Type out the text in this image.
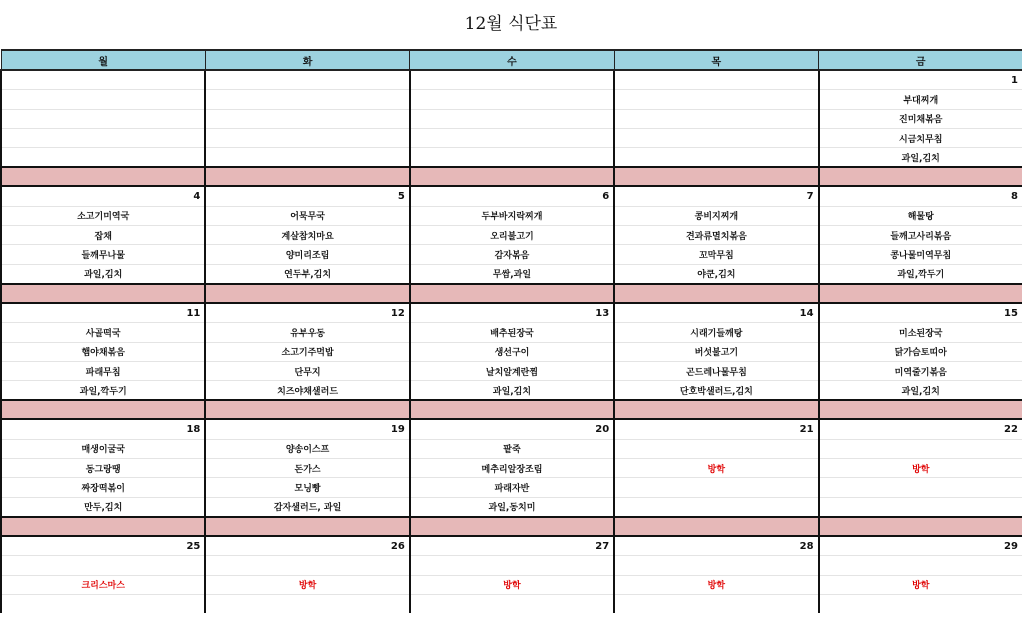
12월 식단표
월	화	수	목	금
				1
				부대찌개
				진미채볶음
				시금치무침
				과일,김치

4	5	6	7	8
소고기미역국	어묵무국	두부바지락찌개	콩비지찌개	해물탕
잡채	계살참치마요	오리불고기	견과류멸치볶음	들깨고사리볶음
들깨무나물	양미리조림	감자볶음	꼬막무침	콩나물미역무침
과일,김치	연두부,김치	무쌈,과일	야쿤,김치	과일,깍두기

11	12	13	14	15
사골떡국	유부우동	배추된장국	시래기들깨탕	미소된장국
햄야채볶음	소고기주먹밥	생선구이	버섯불고기	닭가슴토띠아
파래무침	단무지	날치알계란찜	곤드레나물무침	미역줄기볶음
과일,깍두기	치즈야채샐러드	과일,김치	단호박샐러드,김치	과일,김치

18	19	20	21	22
매생이굴국	양송이스프	팥죽		
동그랑땡	돈가스	메추리알장조림	방학	방학
짜장떡볶이	모닝빵	파래자반		
만두,김치	감자샐러드, 과일	과일,동치미		

25	26	27	28	29

크리스마스	방학	방학	방학	방학
